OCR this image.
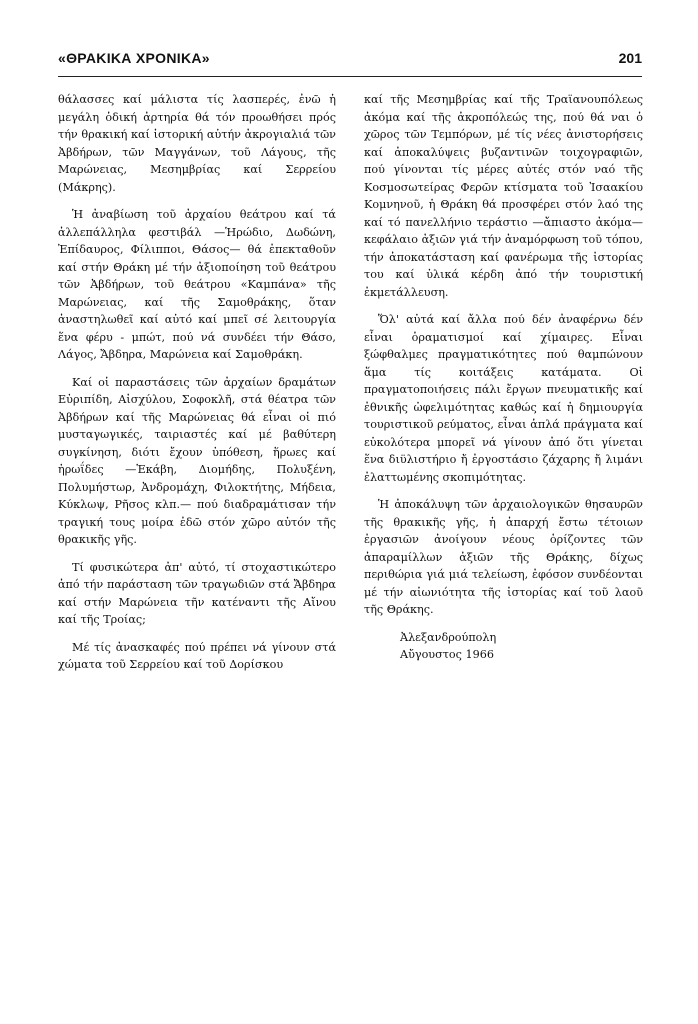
«ΘΡΑΚΙΚΑ ΧΡΟΝΙΚΑ»	201

θάλασσες καί μάλιστα τίς λασπερές, ἐνῶ ἡ μεγάλη ὁδική ἀρτηρία θά τόν προωθήσει πρός τήν θρακική καί ἱστορική αὐτήν ἀκρογιαλιά τῶν Ἀβδήρων, τῶν Μαγγάνων, τοῦ Λάγους, τῆς Μαρώνειας, Μεσημβρίας καί Σερρείου (Μάκρης).

Ἡ ἀναβίωση τοῦ ἀρχαίου θεάτρου καί τά ἀλλεπάλληλα φεστιβάλ —Ἡρώδιο, Δωδώνη, Ἐπίδαυρος, Φίλιπποι, Θάσος— θά ἐπεκταθοῦν καί στήν Θράκη μέ τήν ἀξιοποίηση τοῦ θεάτρου τῶν Ἀβδήρων, τοῦ θεάτρου «Καμπάνα» τῆς Μαρώνειας, καί τῆς Σαμοθράκης, ὅταν ἀναστηλωθεῖ καί αὐτό καί μπεῖ σέ λειτουργία ἕνα φέρυ - μπώτ, πού νά συνδέει τήν Θάσο, Λάγος, Ἄβδηρα, Μαρώνεια καί Σαμοθράκη.

Καί οἱ παραστάσεις τῶν ἀρχαίων δραμάτων Εὐριπίδη, Αἰσχύλου, Σοφοκλῆ, στά θέατρα τῶν Ἀβδήρων καί τῆς Μαρώνειας θά εἶναι οἱ πιό μυσταγωγικές, ταιριαστές καί μέ βαθύτερη συγκίνηση, διότι ἔχουν ὑπόθεση, ἥρωες καί ἡρωΐδες —Ἑκάβη, Διομήδης, Πολυξένη, Πολυμήστωρ, Ἀνδρομάχη, Φιλοκτήτης, Μήδεια, Κύκλωψ, Ρῆσος κλπ.— πού διαδραμάτισαν τήν τραγική τους μοίρα ἐδῶ στόν χῶρο αὐτόν τῆς θρακικῆς γῆς.

Τί φυσικώτερα ἀπ' αὐτό, τί στοχαστικώτερο ἀπό τήν παράσταση τῶν τραγωδιῶν στά Ἄβδηρα καί στήν Μαρώνεια τῆν κατέναντι τῆς Αἴνου καί τῆς Τροίας;

Μέ τίς ἀνασκαφές πού πρέπει νά γίνουν στά χώματα τοῦ Σερρείου καί τοῦ Δορίσκου

καί τῆς Μεσημβρίας καί τῆς Τραϊανουπόλεως ἀκόμα καί τῆς ἀκροπόλεώς της, πού θά ναι ὁ χῶρος τῶν Τεμπόρων, μέ τίς νέες ἀνιστορήσεις καί ἀποκαλύψεις βυζαντινῶν τοιχογραφιῶν, πού γίνονται τίς μέρες αὐτές στόν ναό τῆς Κοσμοσωτείρας Φερῶν κτίσματα τοῦ Ἰσαακίου Κομνηνοῦ, ἡ Θράκη θά προσφέρει στόν λαό της καί τό πανελλήνιο τεράστιο —ἄπιαστο ἀκόμα— κεφάλαιο ἀξιῶν γιά τήν ἀναμόρφωση τοῦ τόπου, τήν ἀποκατάσταση καί φανέρωμα τῆς ἱστορίας του καί ὑλικά κέρδη ἀπό τήν τουριστική ἐκμετάλλευση.

Ὅλ' αὐτά καί ἄλλα πού δέν ἀναφέρνω δέν εἶναι ὁραματισμοί καί χίμαιρες. Εἶναι ξώφθαλμες πραγματικότητες πού θαμπώνουν ἅμα τίς κοιτάξεις κατάματα. Οἱ πραγματοποιήσεις πάλι ἔργων πνευματικῆς καί ἐθνικῆς ὠφελιμότητας καθώς καί ἡ δημιουργία τουριστικοῦ ρεύματος, εἶναι ἁπλά πράγματα καί εὐκολότερα μπορεῖ νά γίνουν ἀπό ὅτι γίνεται ἕνα διϋλιστήριο ἤ ἐργοστάσιο ζάχαρης ἤ λιμάνι ἐλαττωμένης σκοπιμότητας.

Ἡ ἀποκάλυψη τῶν ἀρχαιολογικῶν θησαυρῶν τῆς θρακικῆς γῆς, ἡ ἀπαρχή ἔστω τέτοιων ἐργασιῶν ἀνοίγουν νέους ὁρίζοντες τῶν ἀπαραμίλλων ἀξιῶν τῆς Θράκης, δίχως περιθώρια γιά μιά τελείωση, ἐφόσον συνδέονται μέ τήν αἰωνιότητα τῆς ἱστορίας καί τοῦ λαοῦ τῆς Θράκης.

Ἀλεξανδρούπολη
Αὔγουστος 1966
